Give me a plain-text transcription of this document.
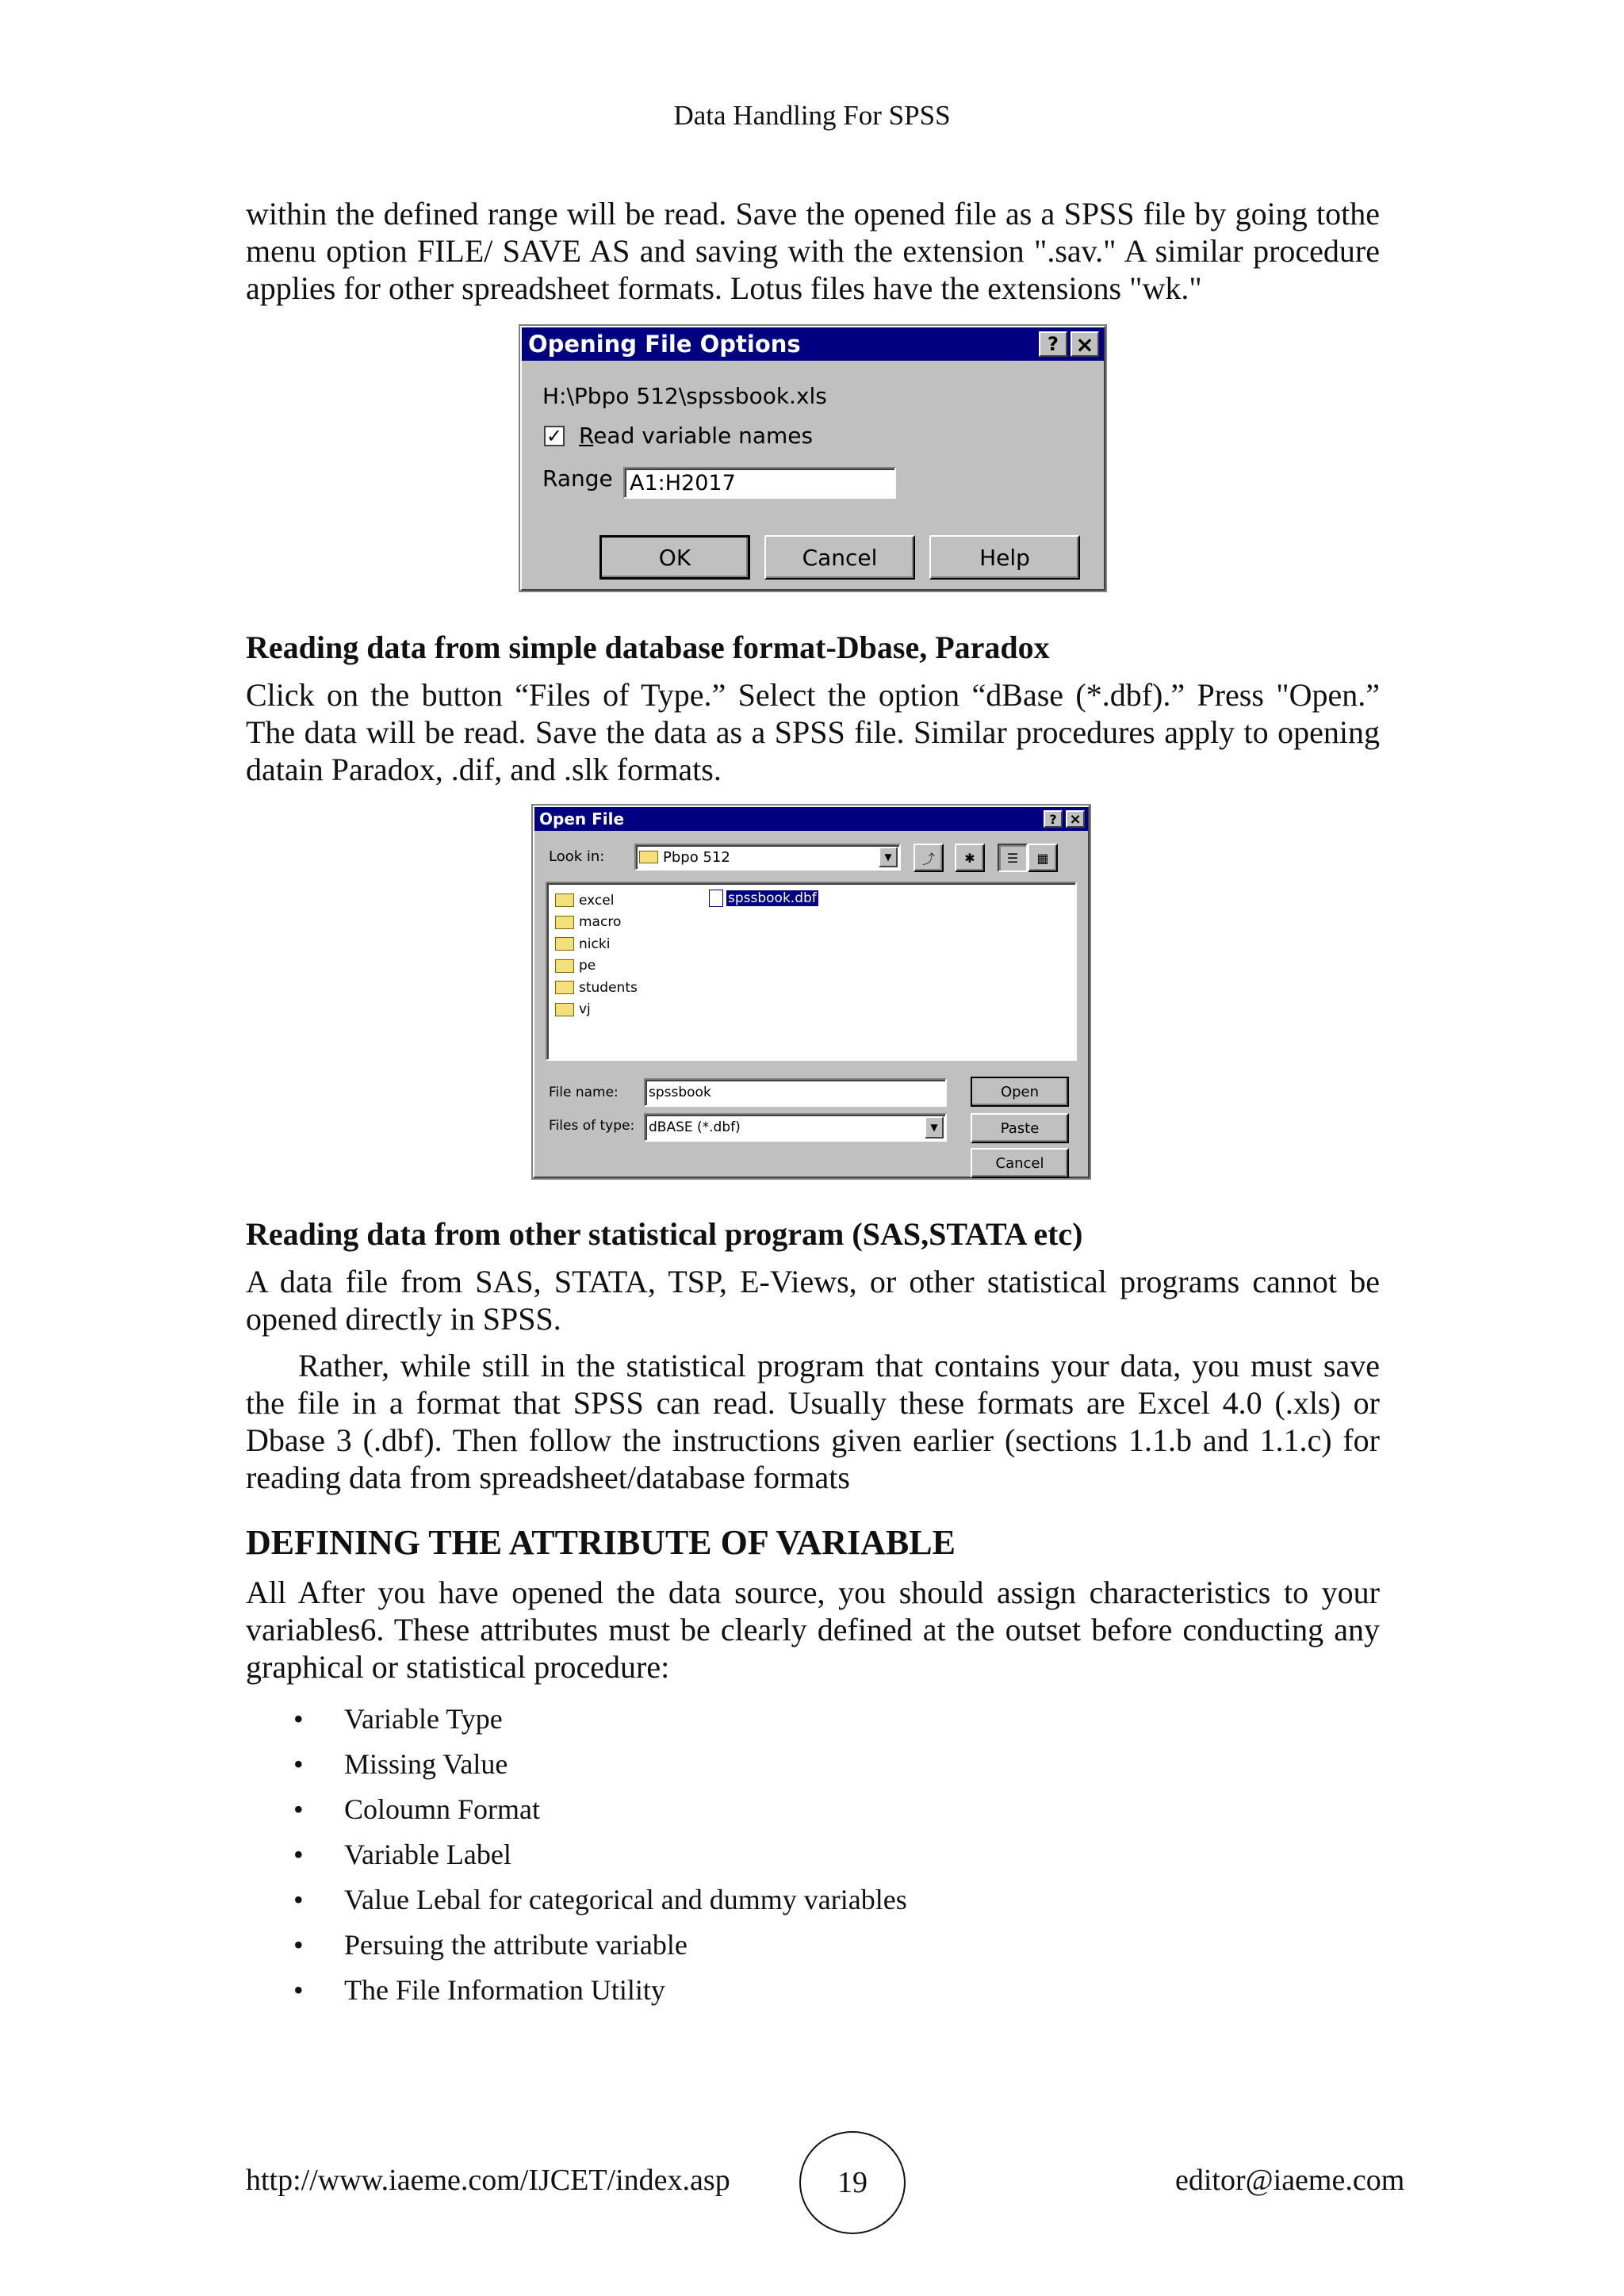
Data Handling For SPSS
within the defined range will be read. Save the opened file as a SPSS file by going tothe menu option FILE/ SAVE AS and saving with the extension ".sav." A similar procedure applies for other spreadsheet formats. Lotus files have the extensions "wk."
Opening File Options	? ×
H:\Pbpo 512\spssbook.xls
✓ Read variable names
Range A1:H2017
OK	Cancel	Help
Reading data from simple database format-Dbase, Paradox
Click on the button “Files of Type.” Select the option “dBase (*.dbf).” Press "Open.” The data will be read. Save the data as a SPSS file. Similar procedures apply to opening datain Paradox, .dif, and .slk formats.
Open File	? ×
Look in:	Pbpo 512	▼	⤴	✱	☰	▦
excel
macro
nicki
pe
students
vj
spssbook.dbf
File name:	spssbook	Open
Files of type: dBASE (*.dbf)	▼	Paste
Cancel
Reading data from other statistical program (SAS,STATA etc)
A data file from SAS, STATA, TSP, E-Views, or other statistical programs cannot be opened directly in SPSS.
Rather, while still in the statistical program that contains your data, you must save the file in a format that SPSS can read. Usually these formats are Excel 4.0 (.xls) or Dbase 3 (.dbf). Then follow the instructions given earlier (sections 1.1.b and 1.1.c) for reading data from spreadsheet/database formats
DEFINING THE ATTRIBUTE OF VARIABLE
All After you have opened the data source, you should assign characteristics to your variables6. These attributes must be clearly defined at the outset before conducting any graphical or statistical procedure:
• Variable Type
• Missing Value
• Coloumn Format
• Variable Label
• Value Lebal for categorical and dummy variables
• Persuing the attribute variable
• The File Information Utility
http://www.iaeme.com/IJCET/index.asp	19	editor@iaeme.com
